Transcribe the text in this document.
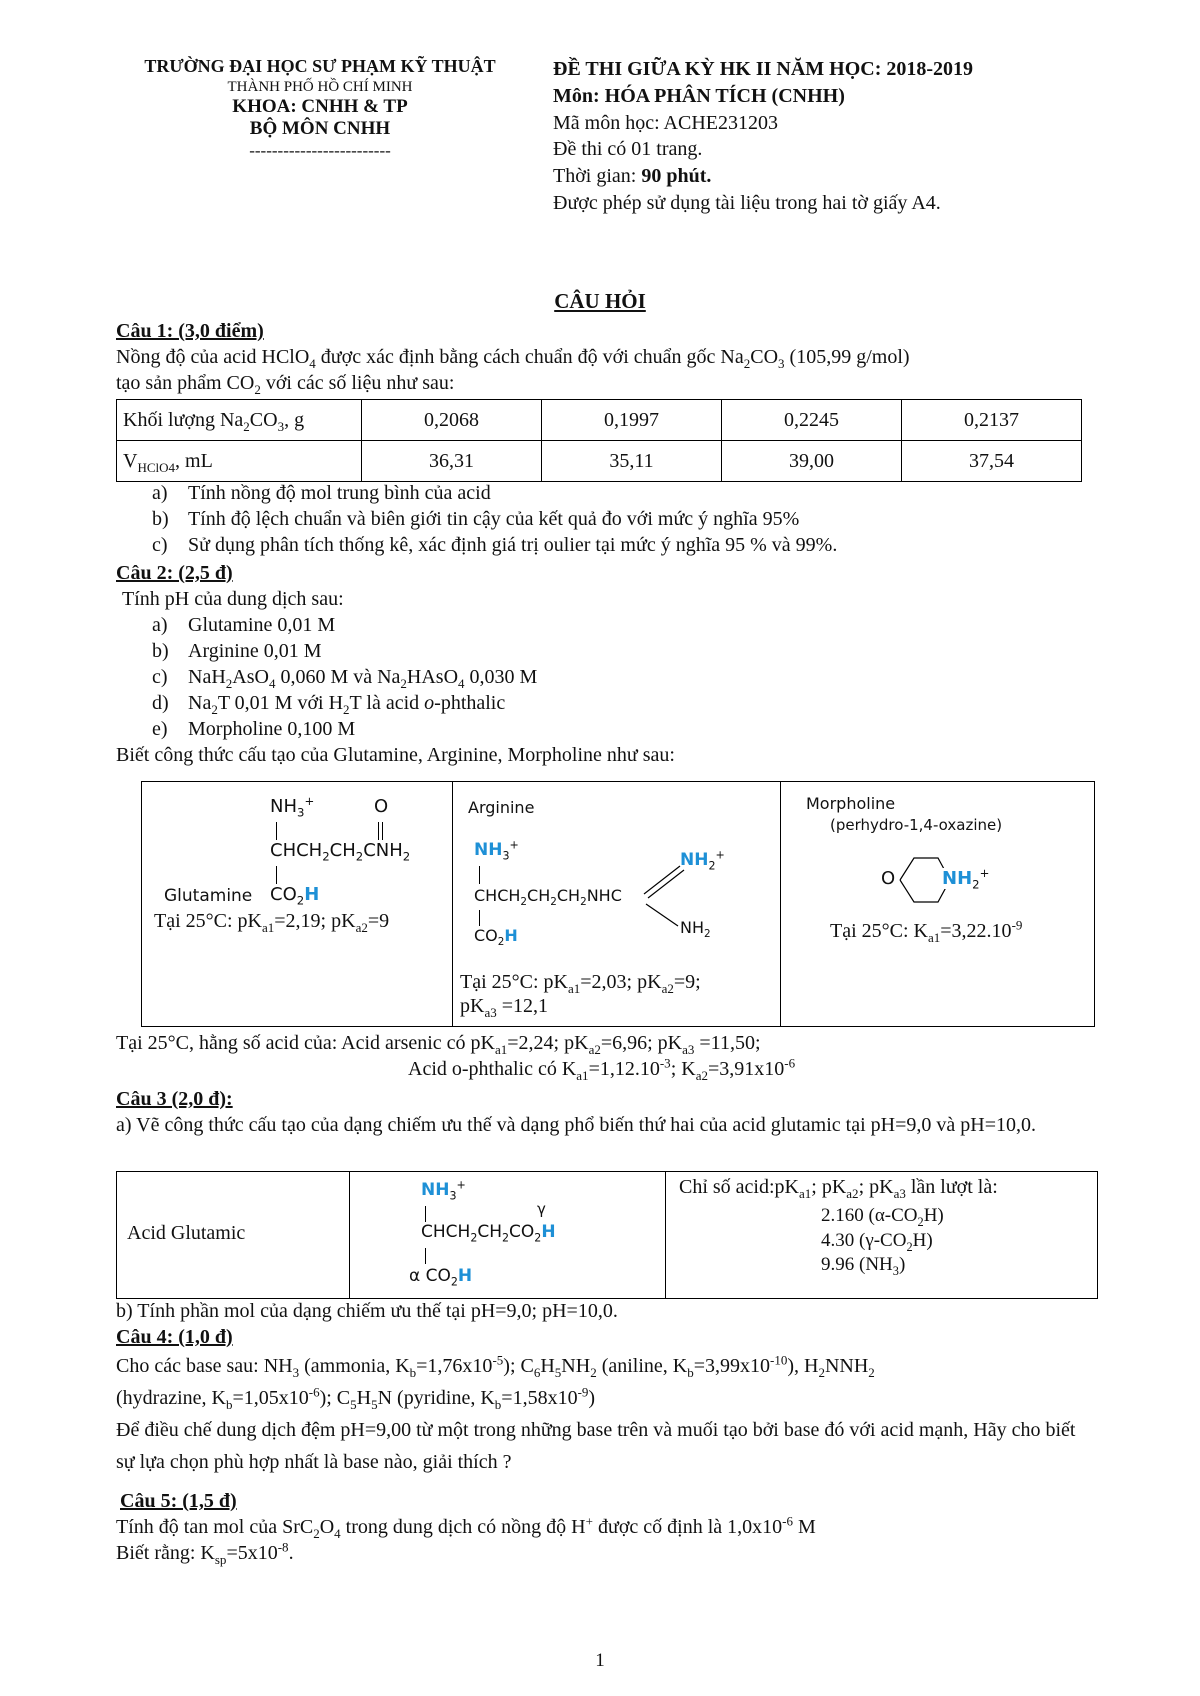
TRƯỜNG ĐẠI HỌC SƯ PHẠM KỸ THUẬT
THÀNH PHỐ HỒ CHÍ MINH
KHOA: CNHH & TP
BỘ MÔN CNHH
-------------------------
ĐỀ THI GIỮA KỲ HK II NĂM HỌC: 2018-2019
Môn: HÓA PHÂN TÍCH (CNHH)
Mã môn học: ACHE231203
Đề thi có 01 trang.
Thời gian: 90 phút.
Được phép sử dụng tài liệu trong hai tờ giấy A4.
CÂU HỎI
Câu 1: (3,0 điểm)
Nồng độ của acid HClO$_4$ được xác định bằng cách chuẩn độ với chuẩn gốc $Na_2CO_3$ (105,99 g/mol)
tạo sản phẩm $CO_2$ với các số liệu như sau:
Khối lượng $Na_2CO_3$, g	0,2068	0,1997	0,2245	0,2137
$V_{HClO4}$, mL	36,31	35,11	39,00	37,54
a) Tính nồng độ mol trung bình của acid
b) Tính độ lệch chuẩn và biên giới tin cậy của kết quả đo với mức ý nghĩa 95%
c) Sử dụng phân tích thống kê, xác định giá trị oulier tại mức ý nghĩa 95 % và 99%.
Câu 2: (2,5 đ)
Tính pH của dung dịch sau:
a) Glutamine 0,01 M
b) Arginine 0,01 M
c) NaH$_2$AsO$_4$ 0,060 M và $Na_2HAsO_4$ 0,030 M
d) $Na_2T$ 0,01 M với $H_2T$ là acid o-phthalic
e) Morpholine 0,100 M
Biết công thức cấu tạo của Glutamine, Arginine, Morpholine như sau:
$NH_3^+$	O
$CHCH_2CH_2CNH_2$
Glutamine $CO_2H$
Tại 25°C: $pK_{a1}=2,19$; $pK_{a2}=9$
Arginine
$NH_3^+$
$NH_2^+$
$CHCH_2CH_2CH_2NHC$
$NH_2$
$CO_2H$
Tại 25°C: $pK_{a1}=2,03$; $pK_{a2}=9$;
$pK_{a3} =12,1$
Morpholine
(perhydro-1,4-oxazine)
O	$NH_2^+$
Tại 25°C: $K_{a1}=3,22.10^{-9}$
Tại 25°C, hằng số acid của: Acid arsenic có $pK_{a1}=2,24$; $pK_{a2}=6,96$; $pK_{a3} =11,50$;
Acid o-phthalic có $K_{a1}=1,12.10^{-3}$; $K_{a2}=3,91x10^{-6}$
Câu 3 (2,0 đ):
a) Vẽ công thức cấu tạo của dạng chiếm ưu thế và dạng phổ biến thứ hai của acid glutamic tại pH=9,0 và pH=10,0.
Acid Glutamic
$NH_3^+$
γ
$CHCH_2CH_2CO_2H$
α $CO_2H$
Chỉ số $acid:pK_{a1}$; $pK_{a2}$; $pK_{a3}$ lần lượt là:
2.160 $(\alpha-CO_2H)$
4.30 $(\gamma-CO_2H)$
9.96 $(NH_3)$
b) Tính phần mol của dạng chiếm ưu thế tại pH=9,0; pH=10,0.
Câu 4: (1,0 đ)
Cho các base sau: $NH_3$ (ammonia, $K_b=1,76x10^{-5}$); $C_6H_5NH_2$ (aniline, $K_b=3,99x10^{-10}$), $H_2NNH_2$
(hydrazine, $K_b=1,05x10^{-6}$); $C_5H_5N$ (pyridine, $K_b=1,58x10^{-9}$)
Để điều chế dung dịch đệm pH=9,00 từ một trong những base trên và muối tạo bởi base đó với acid mạnh, Hãy cho biết sự lựa chọn phù hợp nhất là base nào, giải thích ?
Câu 5: (1,5 đ)
Tính độ tan mol của $SrC_2O_4$ trong dung dịch có nồng độ H+ được cố định là $1,0x10^{-6}$ M
Biết rằng: $K_{sp}=5x10^{-8}$.
1
